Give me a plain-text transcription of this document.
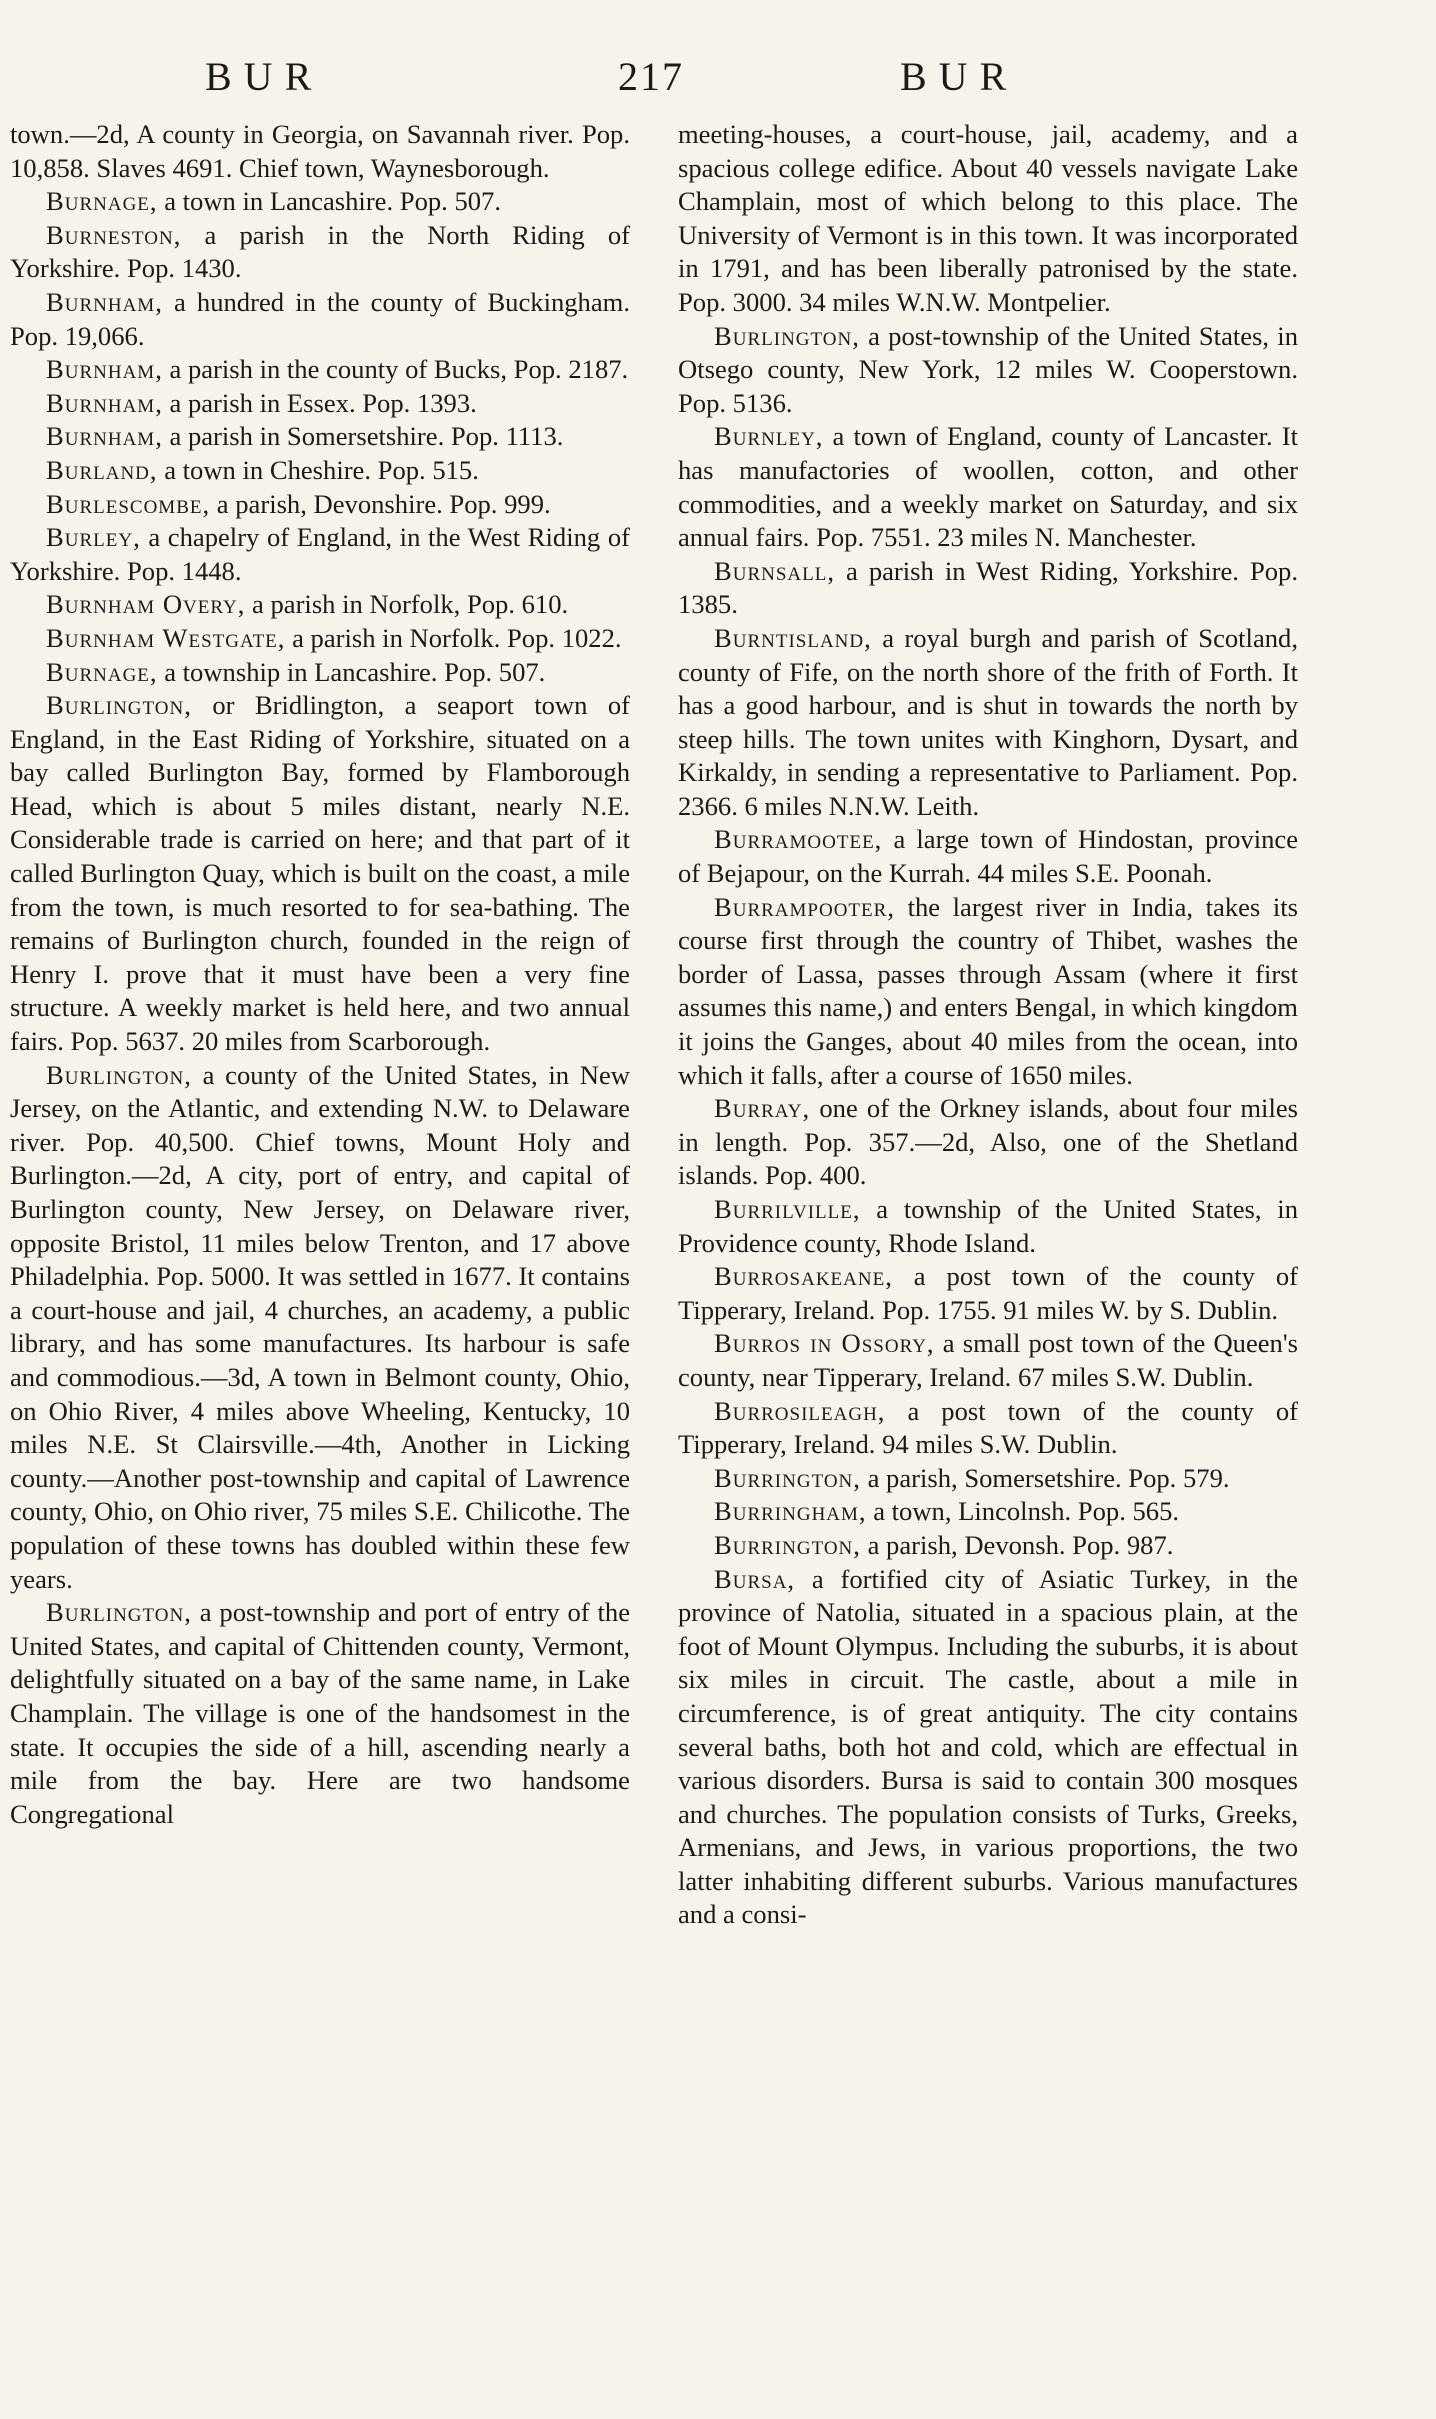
BUR	217	BUR

town.—2d, A county in Georgia, on Savannah river. Pop. 10,858. Slaves 4691. Chief town, Waynesborough.

Burnage, a town in Lancashire. Pop. 507.

Burneston, a parish in the North Riding of Yorkshire. Pop. 1430.

Burnham, a hundred in the county of Buckingham. Pop. 19,066.

Burnham, a parish in the county of Bucks, Pop. 2187.

Burnham, a parish in Essex. Pop. 1393.

Burnham, a parish in Somersetshire. Pop. 1113.

Burland, a town in Cheshire. Pop. 515.

Burlescombe, a parish, Devonshire. Pop. 999.

Burley, a chapelry of England, in the West Riding of Yorkshire. Pop. 1448.

Burnham Overy, a parish in Norfolk, Pop. 610.

Burnham Westgate, a parish in Norfolk. Pop. 1022.

Burnage, a township in Lancashire. Pop. 507.

Burlington, or Bridlington, a seaport town of England, in the East Riding of Yorkshire, situated on a bay called Burlington Bay, formed by Flamborough Head, which is about 5 miles distant, nearly N.E. Considerable trade is carried on here; and that part of it called Burlington Quay, which is built on the coast, a mile from the town, is much resorted to for sea-bathing. The remains of Burlington church, founded in the reign of Henry I. prove that it must have been a very fine structure. A weekly market is held here, and two annual fairs. Pop. 5637. 20 miles from Scarborough.

Burlington, a county of the United States, in New Jersey, on the Atlantic, and extending N.W. to Delaware river. Pop. 40,500. Chief towns, Mount Holy and Burlington.—2d, A city, port of entry, and capital of Burlington county, New Jersey, on Delaware river, opposite Bristol, 11 miles below Trenton, and 17 above Philadelphia. Pop. 5000. It was settled in 1677. It contains a court-house and jail, 4 churches, an academy, a public library, and has some manufactures. Its harbour is safe and commodious.—3d, A town in Belmont county, Ohio, on Ohio River, 4 miles above Wheeling, Kentucky, 10 miles N.E. St Clairsville.—4th, Another in Licking county.—Another post-township and capital of Lawrence county, Ohio, on Ohio river, 75 miles S.E. Chilicothe. The population of these towns has doubled within these few years.

Burlington, a post-township and port of entry of the United States, and capital of Chittenden county, Vermont, delightfully situated on a bay of the same name, in Lake Champlain. The village is one of the handsomest in the state. It occupies the side of a hill, ascending nearly a mile from the bay. Here are two handsome Congregational

meeting-houses, a court-house, jail, academy, and a spacious college edifice. About 40 vessels navigate Lake Champlain, most of which belong to this place. The University of Vermont is in this town. It was incorporated in 1791, and has been liberally patronised by the state. Pop. 3000. 34 miles W.N.W. Montpelier.

Burlington, a post-township of the United States, in Otsego county, New York, 12 miles W. Cooperstown. Pop. 5136.

Burnley, a town of England, county of Lancaster. It has manufactories of woollen, cotton, and other commodities, and a weekly market on Saturday, and six annual fairs. Pop. 7551. 23 miles N. Manchester.

Burnsall, a parish in West Riding, Yorkshire. Pop. 1385.

Burntisland, a royal burgh and parish of Scotland, county of Fife, on the north shore of the frith of Forth. It has a good harbour, and is shut in towards the north by steep hills. The town unites with Kinghorn, Dysart, and Kirkaldy, in sending a representative to Parliament. Pop. 2366. 6 miles N.N.W. Leith.

Burramootee, a large town of Hindostan, province of Bejapour, on the Kurrah. 44 miles S.E. Poonah.

Burrampooter, the largest river in India, takes its course first through the country of Thibet, washes the border of Lassa, passes through Assam (where it first assumes this name,) and enters Bengal, in which kingdom it joins the Ganges, about 40 miles from the ocean, into which it falls, after a course of 1650 miles.

Burray, one of the Orkney islands, about four miles in length. Pop. 357.—2d, Also, one of the Shetland islands. Pop. 400.

Burrilville, a township of the United States, in Providence county, Rhode Island.

Burrosakeane, a post town of the county of Tipperary, Ireland. Pop. 1755. 91 miles W. by S. Dublin.

Burros in Ossory, a small post town of the Queen's county, near Tipperary, Ireland. 67 miles S.W. Dublin.

Burrosileagh, a post town of the county of Tipperary, Ireland. 94 miles S.W. Dublin.

Burrington, a parish, Somersetshire. Pop. 579.

Burringham, a town, Lincolnsh. Pop. 565.

Burrington, a parish, Devonsh. Pop. 987.

Bursa, a fortified city of Asiatic Turkey, in the province of Natolia, situated in a spacious plain, at the foot of Mount Olympus. Including the suburbs, it is about six miles in circuit. The castle, about a mile in circumference, is of great antiquity. The city contains several baths, both hot and cold, which are effectual in various disorders. Bursa is said to contain 300 mosques and churches. The population consists of Turks, Greeks, Armenians, and Jews, in various proportions, the two latter inhabiting different suburbs. Various manufactures and a consi-
